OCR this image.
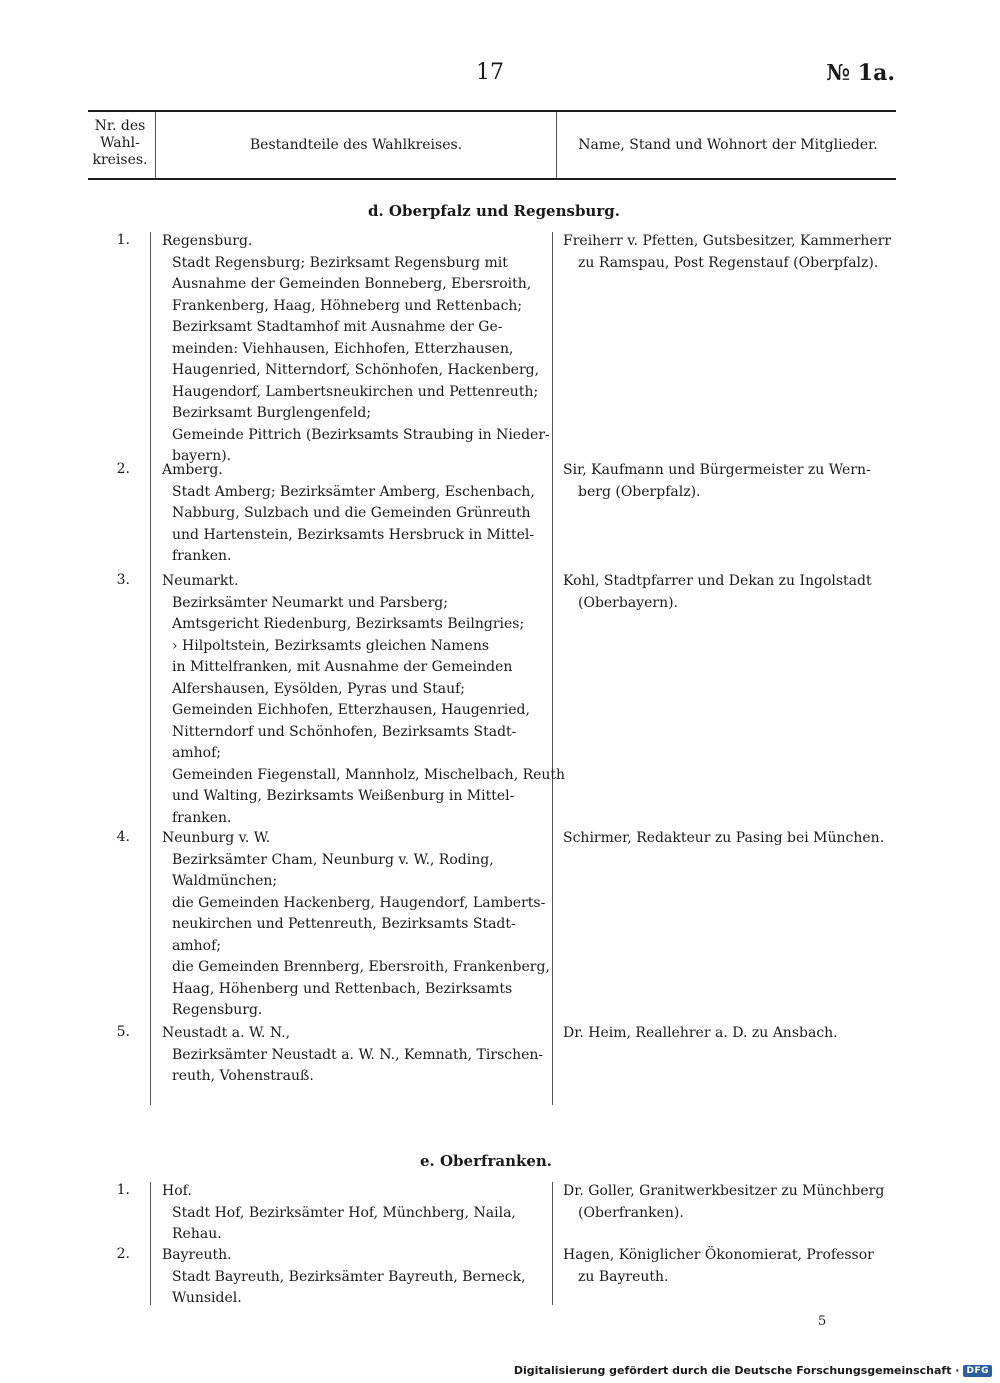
17	№ 1a.
Nr. des
Wahl-
kreises.
Bestandteile des Wahlkreises.	Name, Stand und Wohnort der Mitglieder.
d. Oberpfalz und Regensburg.
1. Regensburg.
Stadt Regensburg; Bezirksamt Regensburg mit
Ausnahme der Gemeinden Bonneberg, Ebersroith,
Frankenberg, Haag, Höhneberg und Rettenbach;
Bezirksamt Stadtamhof mit Ausnahme der Ge-
meinden: Viehhausen, Eichhofen, Etterzhausen,
Haugenried, Nitterndorf, Schönhofen, Hackenberg,
Haugendorf, Lambertsneukirchen und Pettenreuth;
Bezirksamt Burglengenfeld;
Gemeinde Pittrich (Bezirksamts Straubing in Nieder-
bayern).
Freiherr v. Pfetten, Gutsbesitzer, Kammerherr
zu Ramspau, Post Regenstauf (Oberpfalz).
2. Amberg.
Stadt Amberg; Bezirksämter Amberg, Eschenbach,
Nabburg, Sulzbach und die Gemeinden Grünreuth
und Hartenstein, Bezirksamts Hersbruck in Mittel-
franken.
Sir, Kaufmann und Bürgermeister zu Wern-
berg (Oberpfalz).
3. Neumarkt.
Bezirksämter Neumarkt und Parsberg;
Amtsgericht Riedenburg, Bezirksamts Beilngries;
› Hilpoltstein, Bezirksamts gleichen Namens
in Mittelfranken, mit Ausnahme der Gemeinden
Alfershausen, Eysölden, Pyras und Stauf;
Gemeinden Eichhofen, Etterzhausen, Haugenried,
Nitterndorf und Schönhofen, Bezirksamts Stadt-
amhof;
Gemeinden Fiegenstall, Mannholz, Mischelbach, Reuth
und Walting, Bezirksamts Weißenburg in Mittel-
franken.
Kohl, Stadtpfarrer und Dekan zu Ingolstadt
(Oberbayern).
4. Neunburg v. W.
Bezirksämter Cham, Neunburg v. W., Roding,
Waldmünchen;
die Gemeinden Hackenberg, Haugendorf, Lamberts-
neukirchen und Pettenreuth, Bezirksamts Stadt-
amhof;
die Gemeinden Brennberg, Ebersroith, Frankenberg,
Haag, Höhenberg und Rettenbach, Bezirksamts
Regensburg.
Schirmer, Redakteur zu Pasing bei München.
5. Neustadt a. W. N.,
Bezirksämter Neustadt a. W. N., Kemnath, Tirschen-
reuth, Vohenstrauß.
Dr. Heim, Reallehrer a. D. zu Ansbach.
e. Oberfranken.
1. Hof.
Stadt Hof, Bezirksämter Hof, Münchberg, Naila,
Rehau.
Dr. Goller, Granitwerkbesitzer zu Münchberg
(Oberfranken).
2. Bayreuth.
Stadt Bayreuth, Bezirksämter Bayreuth, Berneck,
Wunsidel.
Hagen, Königlicher Ökonomierat, Professor
zu Bayreuth.
5
Digitalisierung gefördert durch die Deutsche Forschungsgemeinschaft · DFG
